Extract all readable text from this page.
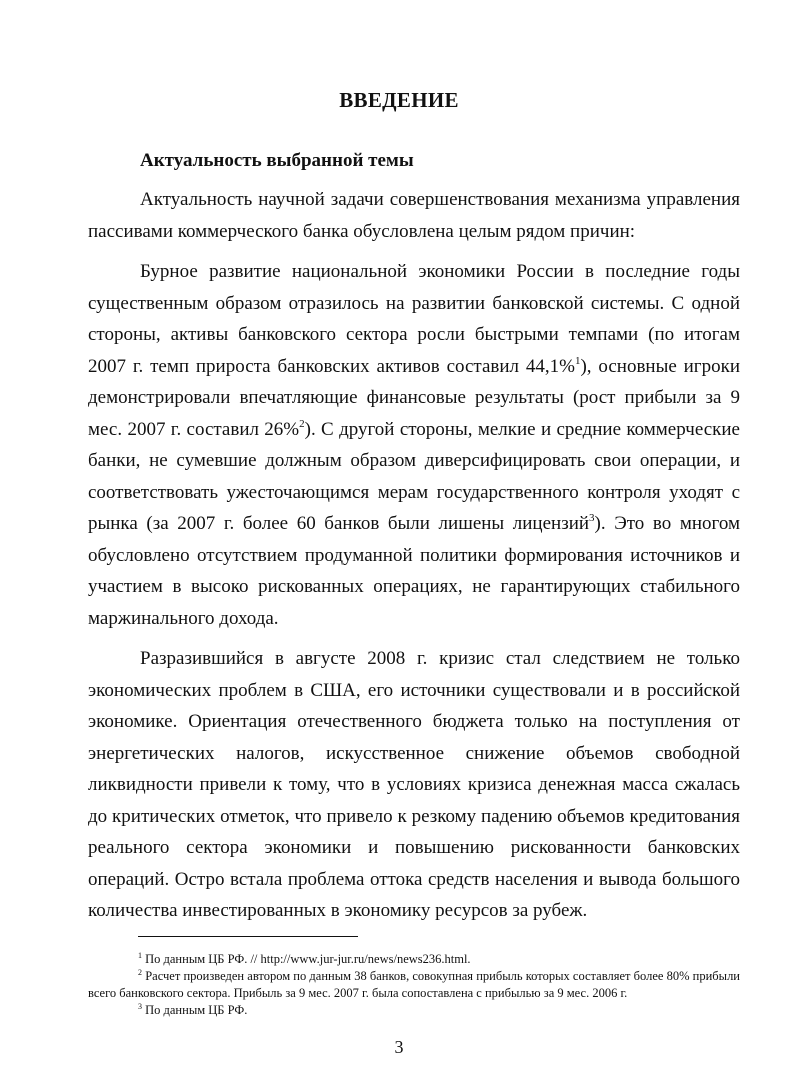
ВВЕДЕНИЕ
Актуальность выбранной темы

Актуальность научной задачи совершенствования механизма управления пассивами коммерческого банка обусловлена целым рядом причин:

Бурное развитие национальной экономики России в последние годы существенным образом отразилось на развитии банковской системы. С одной стороны, активы банковского сектора росли быстрыми темпами (по итогам 2007 г. темп прироста банковских активов составил 44,1%$^1$), основные игроки демонстрировали впечатляющие финансовые результаты (рост прибыли за 9 мес. 2007 г. составил 26%$^2$). С другой стороны, мелкие и средние коммерческие банки, не сумевшие должным образом диверсифицировать свои операции, и соответствовать ужесточающимся мерам государственного контроля уходят с рынка (за 2007 г. более 60 банков были лишены лицензий$^3$). Это во многом обусловлено отсутствием продуманной политики формирования источников и участием в высоко рискованных операциях, не гарантирующих стабильного маржинального дохода.

Разразившийся в августе 2008 г. кризис стал следствием не только экономических проблем в США, его источники существовали и в российской экономике. Ориентация отечественного бюджета только на поступления от энергетических налогов, искусственное снижение объемов свободной ликвидности привели к тому, что в условиях кризиса денежная масса сжалась до критических отметок, что привело к резкому падению объемов кредитования реального сектора экономики и повышению рискованности банковских операций. Остро встала проблема оттока средств населения и вывода большого количества инвестированных в экономику ресурсов за рубеж.

$^1$ По данным ЦБ РФ. // http://www.jur-jur.ru/news/news236.html.

$^2$ Расчет произведен автором по данным 38 банков, совокупная прибыль которых составляет более 80% прибыли всего банковского сектора. Прибыль за 9 мес. 2007 г. была сопоставлена с прибылью за 9 мес. 2006 г.

$^3$ По данным ЦБ РФ.

3
